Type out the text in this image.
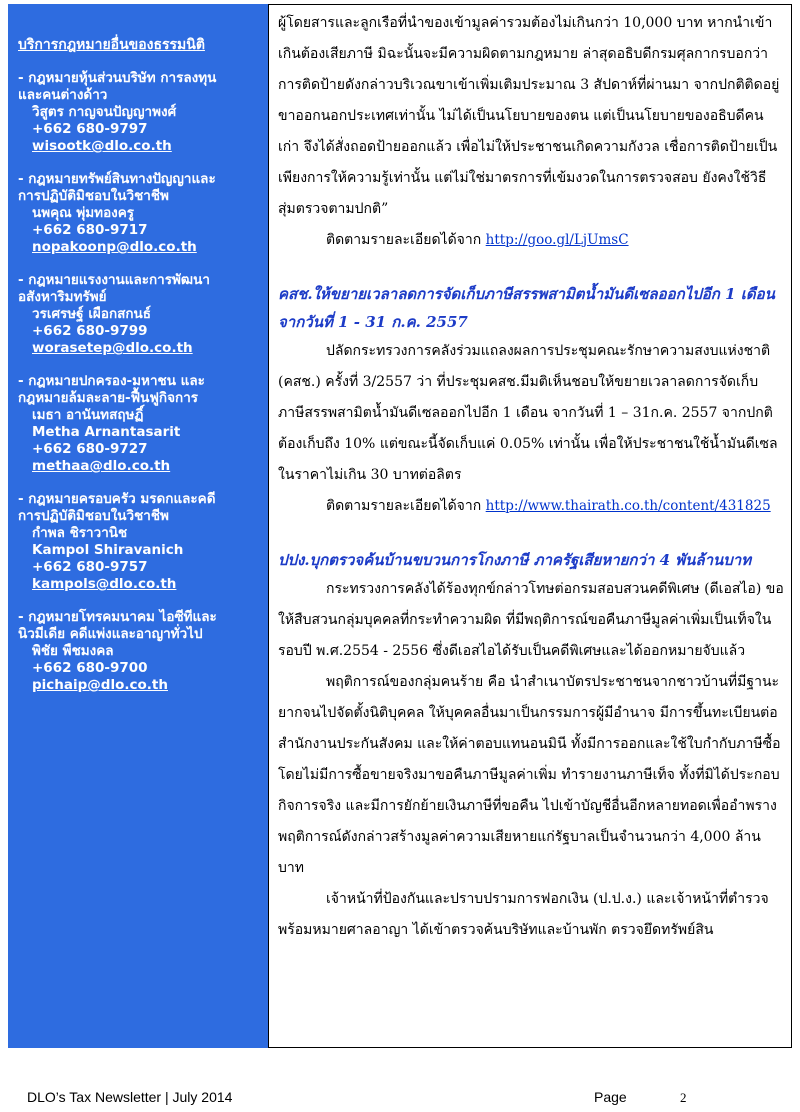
บริการกฎหมายอื่นของธรรมนิติ
- กฎหมายหุ้นส่วนบริษัท การลงทุน
และคนต่างด้าว
วิสูตร กาญจนปัญญาพงศ์
+662 680-9797
wisootk@dlo.co.th
- กฎหมายทรัพย์สินทางปัญญาและ
การปฏิบัติมิชอบในวิชาชีพ
นพคุณ พุ่มทองครู
+662 680-9717
nopakoonp@dlo.co.th
- กฎหมายแรงงานและการพัฒนา
อสังหาริมทรัพย์
วรเศรษฐ์ เผือกสกนธ์
+662 680-9799
worasetep@dlo.co.th
- กฎหมายปกครอง-มหาชน และ
กฎหมายล้มละลาย-ฟื้นฟูกิจการ
เมธา อานันทสฤษฏิ์
Metha Arnantasarit
+662 680-9727
methaa@dlo.co.th
- กฎหมายครอบครัว มรดกและคดี
การปฏิบัติมิชอบในวิชาชีพ
กำพล ชิราวานิช
Kampol Shiravanich
+662 680-9757
kampols@dlo.co.th
- กฎหมายโทรคมนาคม ไอซีทีและ
นิวมีเดีย คดีแพ่งและอาญาทั่วไป
พิชัย พืชมงคล
+662 680-9700
pichaip@dlo.co.th

ผู้โดยสารและลูกเรือที่นำของเข้ามูลค่ารวมต้องไม่เกินกว่า 10,000 บาท หากนำเข้าเกินต้องเสียภาษี มิฉะนั้นจะมีความผิดตามกฎหมาย ล่าสุดอธิบดีกรมศุลกากรบอกว่า การติดป้ายดังกล่าวบริเวณขาเข้าเพิ่มเติมประมาณ 3 สัปดาห์ที่ผ่านมา จากปกติติดอยู่ขาออกนอกประเทศเท่านั้น ไม่ได้เป็นนโยบายของตน แต่เป็นนโยบายของอธิบดีคนเก่า จึงได้สั่งถอดป้ายออกแล้ว เพื่อไม่ให้ประชาชนเกิดความกังวล เชื่อการติดป้ายเป็นเพียงการให้ความรู้เท่านั้น แต่ไม่ใช่มาตรการที่เข้มงวดในการตรวจสอบ ยังคงใช้วิธีสุ่มตรวจตามปกติ”

ติดตามรายละเอียดได้จาก http://goo.gl/LjUmsC

คสช.ให้ขยายเวลาลดการจัดเก็บภาษีสรรพสามิตน้ำมันดีเซลออกไปอีก 1 เดือน จากวันที่ 1 - 31 ก.ค. 2557

ปลัดกระทรวงการคลังร่วมแถลงผลการประชุมคณะรักษาความสงบแห่งชาติ (คสช.) ครั้งที่ 3/2557 ว่า ที่ประชุมคสช.มีมติเห็นชอบให้ขยายเวลาลดการจัดเก็บภาษีสรรพสามิตน้ำมันดีเซลออกไปอีก 1 เดือน จากวันที่ 1 – 31ก.ค. 2557 จากปกติต้องเก็บถึง 10% แต่ขณะนี้จัดเก็บแค่ 0.05% เท่านั้น เพื่อให้ประชาชนใช้น้ำมันดีเซลในราคาไม่เกิน 30 บาทต่อลิตร

ติดตามรายละเอียดได้จาก http://www.thairath.co.th/content/431825

ปปง.บุกตรวจค้นบ้านขบวนการโกงภาษี ภาครัฐเสียหายกว่า 4 พันล้านบาท

กระทรวงการคลังได้ร้องทุกข์กล่าวโทษต่อกรมสอบสวนคดีพิเศษ (ดีเอสไอ) ขอให้สืบสวนกลุ่มบุคคลที่กระทำความผิด ที่มีพฤติการณ์ขอคืนภาษีมูลค่าเพิ่มเป็นเท็จในรอบปี พ.ศ.2554 - 2556 ซึ่งดีเอสไอได้รับเป็นคดีพิเศษและได้ออกหมายจับแล้ว

พฤติการณ์ของกลุ่มคนร้าย คือ นำสำเนาบัตรประชาชนจากชาวบ้านที่มีฐานะยากจนไปจัดตั้งนิติบุคคล ให้บุคคลอื่นมาเป็นกรรมการผู้มีอำนาจ มีการขึ้นทะเบียนต่อสำนักงานประกันสังคม และให้ค่าตอบแทนอนมินี ทั้งมีการออกและใช้ใบกำกับภาษีซื้อโดยไม่มีการซื้อขายจริงมาขอคืนภาษีมูลค่าเพิ่ม ทำรายงานภาษีเท็จ ทั้งที่มิได้ประกอบกิจการจริง และมีการยักย้ายเงินภาษีที่ขอคืน ไปเข้าบัญชีอื่นอีกหลายทอดเพื่ออำพราง พฤติการณ์ดังกล่าวสร้างมูลค่าความเสียหายแก่รัฐบาลเป็นจำนวนกว่า 4,000 ล้านบาท

เจ้าหน้าที่ป้องกันและปราบปรามการฟอกเงิน (ป.ป.ง.) และเจ้าหน้าที่ตำรวจพร้อมหมายศาลอาญา ได้เข้าตรวจค้นบริษัทและบ้านพัก ตรวจยึดทรัพย์สิน

DLO’s Tax Newsletter | July 2014	Page	2
